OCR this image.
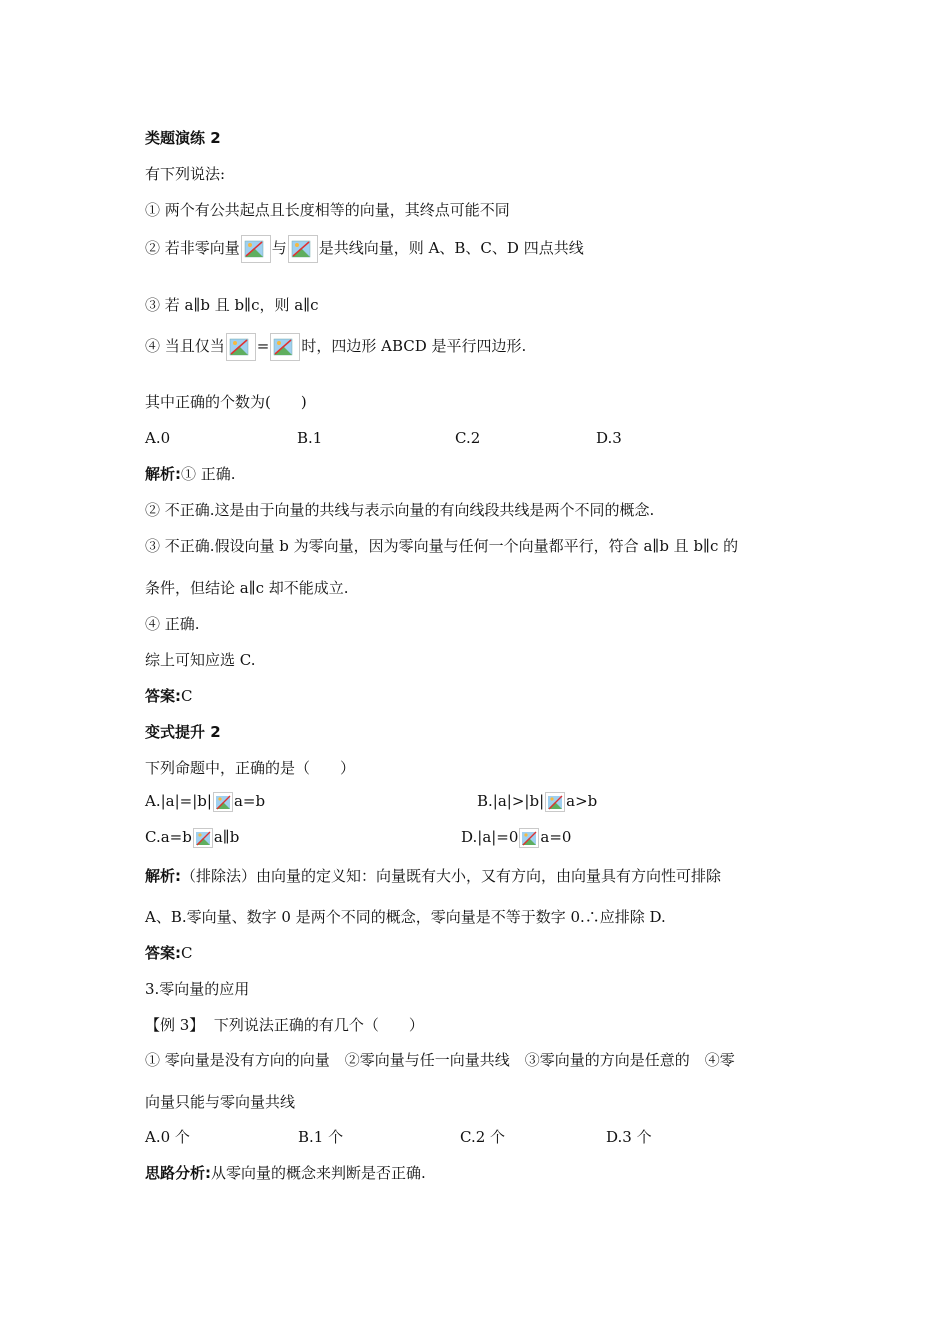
类题演练 2
有下列说法:
① 两个有公共起点且长度相等的向量，其终点可能不同
② 若非零向量 与 是共线向量，则 A、B、C、D 四点共线
③ 若 a∥b 且 b∥c，则 a∥c
④ 当且仅当 = 时，四边形 ABCD 是平行四边形.
其中正确的个数为(　　)
A.0	B.1	C.2	D.3
解析:① 正确.
② 不正确.这是由于向量的共线与表示向量的有向线段共线是两个不同的概念.
③ 不正确.假设向量 b 为零向量，因为零向量与任何一个向量都平行，符合 a∥b 且 b∥c 的
条件，但结论 a∥c 却不能成立.
④ 正确.
综上可知应选 C.
答案:C
变式提升 2
下列命题中，正确的是（　　）
A.|a|=|b| a=b	B.|a|>|b| a>b
C.a=b a∥b	D.|a|=0 a=0
解析:（排除法）由向量的定义知：向量既有大小，又有方向，由向量具有方向性可排除
A、B.零向量、数字 0 是两个不同的概念，零向量是不等于数字 0.∴应排除 D.
答案:C
3.零向量的应用
【例 3】 下列说法正确的有几个（　　）
① 零向量是没有方向的向量　②零向量与任一向量共线　③零向量的方向是任意的　④零
向量只能与零向量共线
A.0 个	B.1 个	C.2 个	D.3 个
思路分析:从零向量的概念来判断是否正确.
